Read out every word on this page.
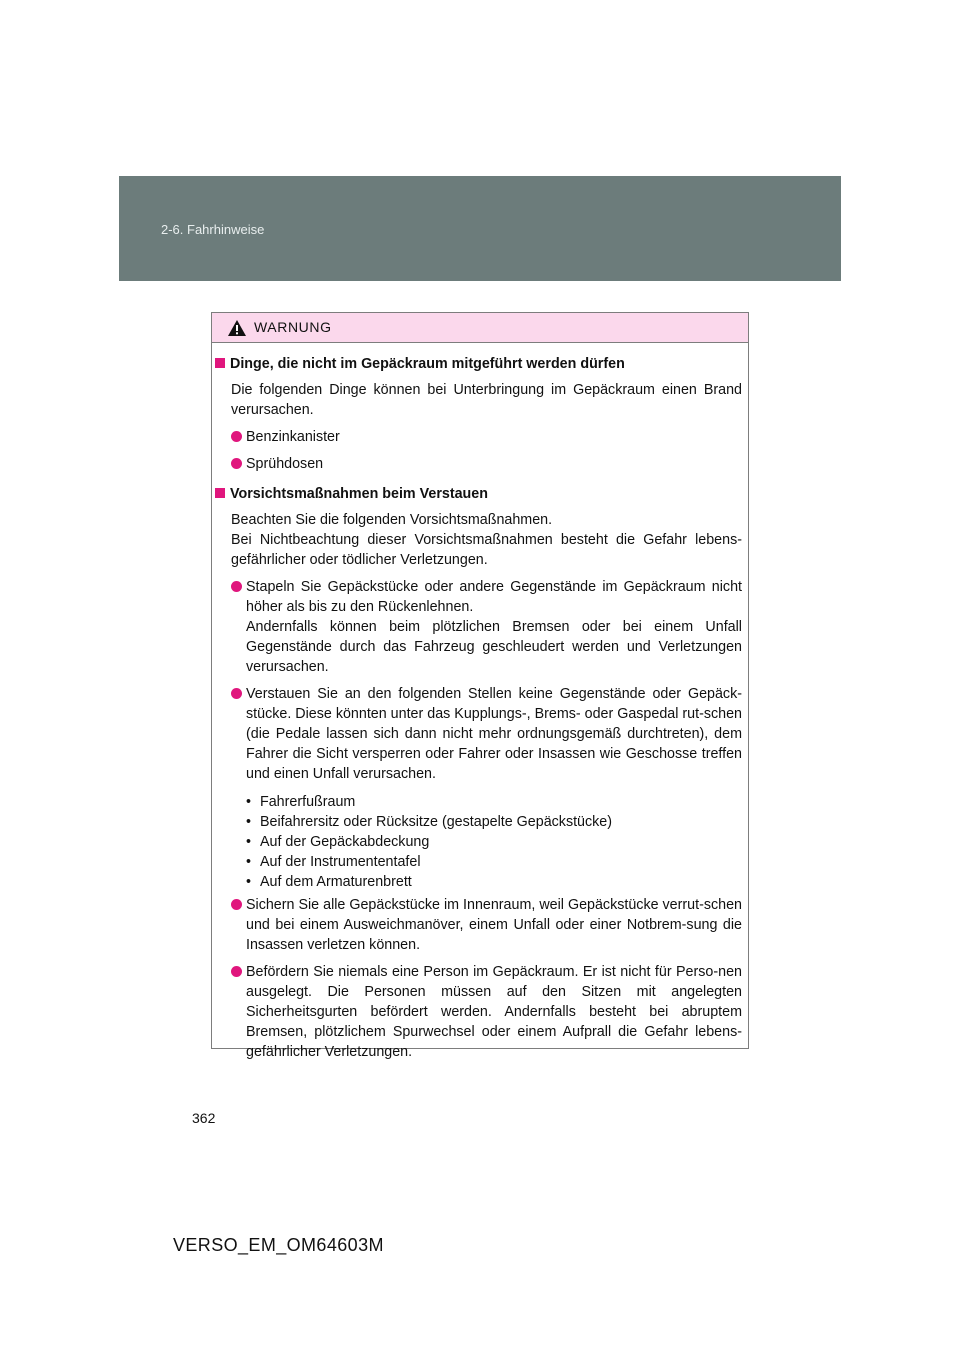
2-6. Fahrhinweise
WARNUNG
Dinge, die nicht im Gepäckraum mitgeführt werden dürfen
Die folgenden Dinge können bei Unterbringung im Gepäckraum einen Brand verursachen.
Benzinkanister
Sprühdosen
Vorsichtsmaßnahmen beim Verstauen
Beachten Sie die folgenden Vorsichtsmaßnahmen.
Bei Nichtbeachtung dieser Vorsichtsmaßnahmen besteht die Gefahr lebens-gefährlicher oder tödlicher Verletzungen.
Stapeln Sie Gepäckstücke oder andere Gegenstände im Gepäckraum nicht höher als bis zu den Rückenlehnen.
Andernfalls können beim plötzlichen Bremsen oder bei einem Unfall Gegenstände durch das Fahrzeug geschleudert werden und Verletzungen verursachen.
Verstauen Sie an den folgenden Stellen keine Gegenstände oder Gepäck-stücke. Diese könnten unter das Kupplungs-, Brems- oder Gaspedal rut-schen (die Pedale lassen sich dann nicht mehr ordnungsgemäß durchtreten), dem Fahrer die Sicht versperren oder Fahrer oder Insassen wie Geschosse treffen und einen Unfall verursachen.
• Fahrerfußraum
• Beifahrersitz oder Rücksitze (gestapelte Gepäckstücke)
• Auf der Gepäckabdeckung
• Auf der Instrumententafel
• Auf dem Armaturenbrett
Sichern Sie alle Gepäckstücke im Innenraum, weil Gepäckstücke verrut-schen und bei einem Ausweichmanöver, einem Unfall oder einer Notbrem-sung die Insassen verletzen können.
Befördern Sie niemals eine Person im Gepäckraum. Er ist nicht für Perso-nen ausgelegt. Die Personen müssen auf den Sitzen mit angelegten Sicherheitsgurten befördert werden. Andernfalls besteht bei abruptem Bremsen, plötzlichem Spurwechsel oder einem Aufprall die Gefahr lebens-gefährlicher Verletzungen.
362
VERSO_EM_OM64603M
